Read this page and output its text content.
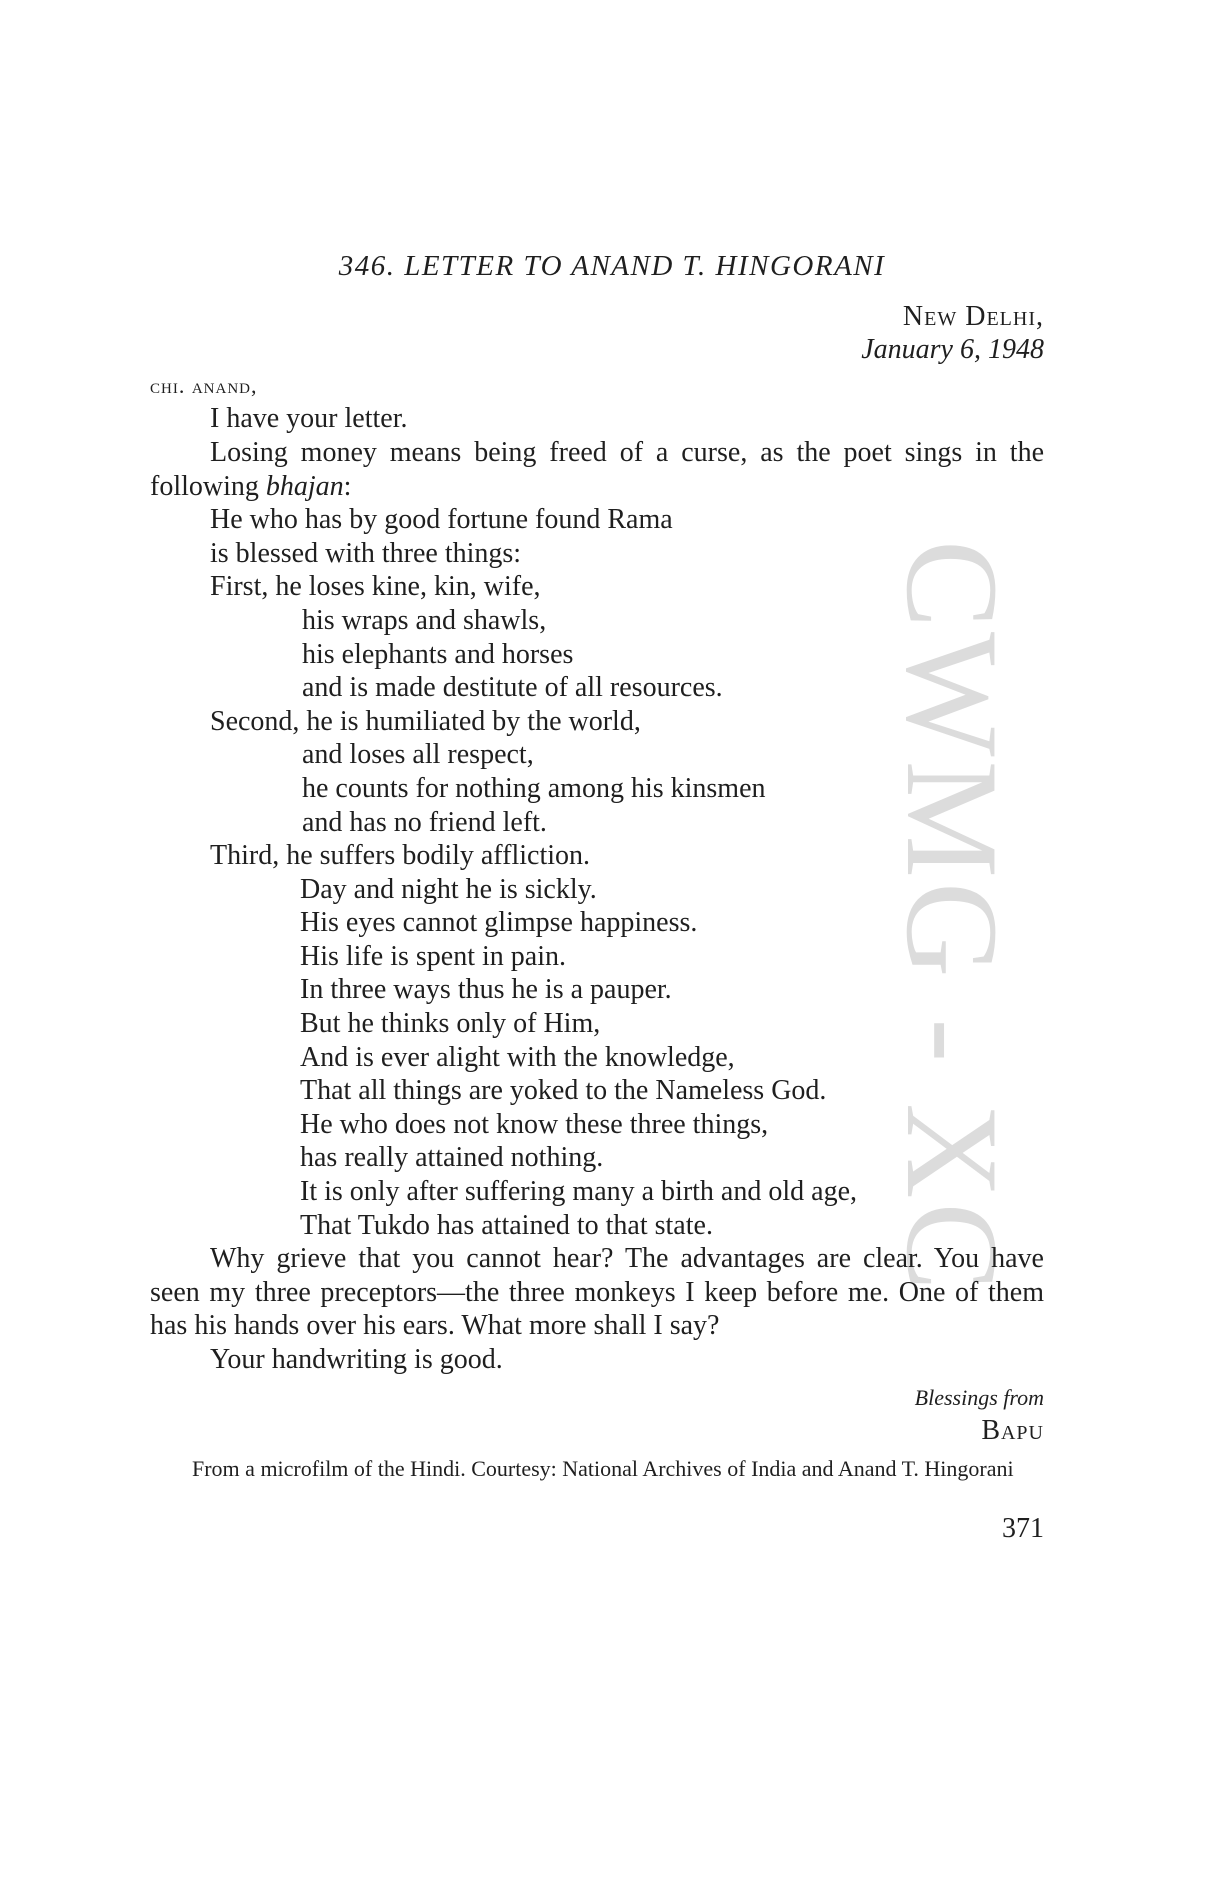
CWMG - XC
346. LETTER TO ANAND T. HINGORANI
New Delhi,
January 6, 1948
chi. anand,
I have your letter.
Losing money means being freed of a curse, as the poet sings in the following bhajan:
He who has by good fortune found Rama
is blessed with three things:
First, he loses kine, kin, wife,
his wraps and shawls,
his elephants and horses
and is made destitute of all resources.
Second, he is humiliated by the world,
and loses all respect,
he counts for nothing among his kinsmen
and has no friend left.
Third, he suffers bodily affliction.
Day and night he is sickly.
His eyes cannot glimpse happiness.
His life is spent in pain.
In three ways thus he is a pauper.
But he thinks only of Him,
And is ever alight with the knowledge,
That all things are yoked to the Nameless God.
He who does not know these three things,
has really attained nothing.
It is only after suffering many a birth and old age,
That Tukdo has attained to that state.
Why grieve that you cannot hear? The advantages are clear. You have seen my three preceptors—the three monkeys I keep before me. One of them has his hands over his ears. What more shall I say?
Your handwriting is good.
Blessings from
Bapu
From a microfilm of the Hindi. Courtesy: National Archives of India and Anand T. Hingorani
371
